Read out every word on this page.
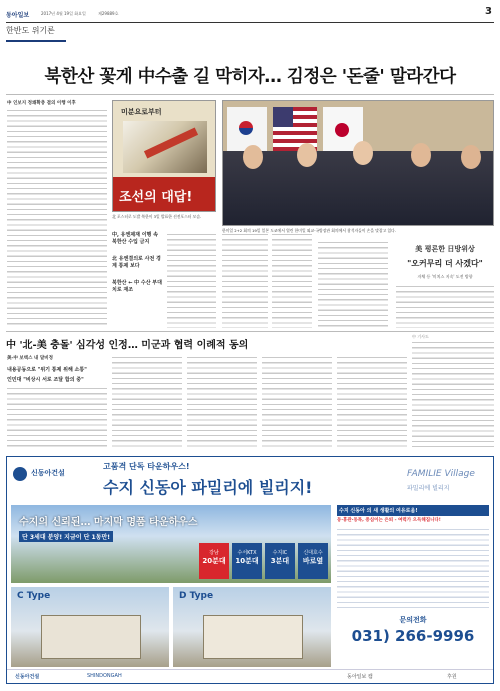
동아일보	2017년 4월 19일 화요일	제29889호	3
한반도 위기론
북한산 꽃게 中수출 길 막히자… 김정은 '돈줄' 말라간다
中 인보지 정쾌확충 결의 이행 이후
미분요로부터
조선의 대답!
北 포스터로 도발 북한이 3일 발표한 선전포스터 모습.
中, 유엔제재 이행 속 북한산 수입 금지
北 유엔결의로 사전 경계 통제 보다
북한산 ← 中 수산 부대치로 재조
한미일 2+2 회의 19일 일본 도쿄에서 열린 한미일 외교·국방장관 회의에서 참석자들이 손을 맞잡고 있다.
美 평론한 日방위상
"오커무리 더 사겠다"
자체 등 '미치스 지속' 도전 방향
中 '北-美 충돌' 심각성 인정… 미군과 협력 이례적 동의
美-中 보텍스 내 달비정
내용공동으로 "위기 통제 위해 소통"
인민대 "비상시 서로 조달 합의 중"
中 기사도
신동아건설
고품격 단독 타운하우스!
수지 신동아 파밀리에 빌리지!
FAMILIE Village
수지의 신뢰된… 마지막 명품 타운하우스
단 3세대 분양! 지금이 단 1동만!
강남
20분대
수서KTX
10분대
수지IC
3분대
신대호수
바로옆
C Type	D Type
수지 신동아 의 새 생활의 여유로움!
동·휴관·동목, 중심이는 은퇴 - 여력가 으득해집니다!
문의전화
031) 266-9996
신동아건설	SHINDONGAH	동아일보 캠	후원
파밀리에 빌리지
